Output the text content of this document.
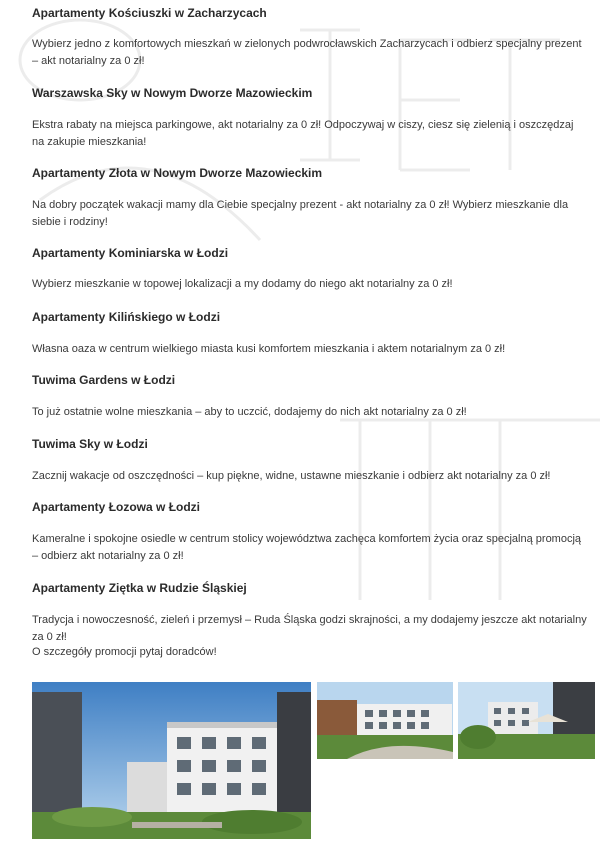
Apartamenty Kościuszki w Zacharzycach

Wybierz jedno z komfortowych mieszkań w zielonych podwrocławskich Zacharzycach i odbierz specjalny prezent – akt notarialny za 0 zł!

Warszawska Sky w Nowym Dworze Mazowieckim

Ekstra rabaty na miejsca parkingowe, akt notarialny za 0 zł! Odpoczywaj w ciszy, ciesz się zielenią i oszczędzaj na zakupie mieszkania!

Apartamenty Złota w Nowym Dworze Mazowieckim

Na dobry początek wakacji mamy dla Ciebie specjalny prezent - akt notarialny za 0 zł! Wybierz mieszkanie dla siebie i rodziny!

Apartamenty Kominiarska w Łodzi

Wybierz mieszkanie w topowej lokalizacji a my dodamy do niego akt notarialny za 0 zł!

Apartamenty Kilińskiego w Łodzi

Własna oaza w centrum wielkiego miasta kusi komfortem mieszkania i aktem notarialnym za 0 zł!

Tuwima Gardens w Łodzi

To już ostatnie wolne mieszkania – aby to uczcić, dodajemy do nich akt notarialny za 0 zł!

Tuwima Sky w Łodzi

Zacznij wakacje od oszczędności – kup piękne, widne, ustawne mieszkanie i odbierz akt notarialny za 0 zł!

Apartamenty Łozowa w Łodzi

Kameralne i spokojne osiedle w centrum stolicy województwa zachęca komfortem życia oraz specjalną promocją – odbierz akt notarialny za 0 zł!

Apartamenty Ziętka w Rudzie Śląskiej

Tradycja i nowoczesność, zieleń i przemysł – Ruda Śląska godzi skrajności, a my dodajemy jeszcze akt notarialny za 0 zł!

O szczegóły promocji pytaj doradców!
